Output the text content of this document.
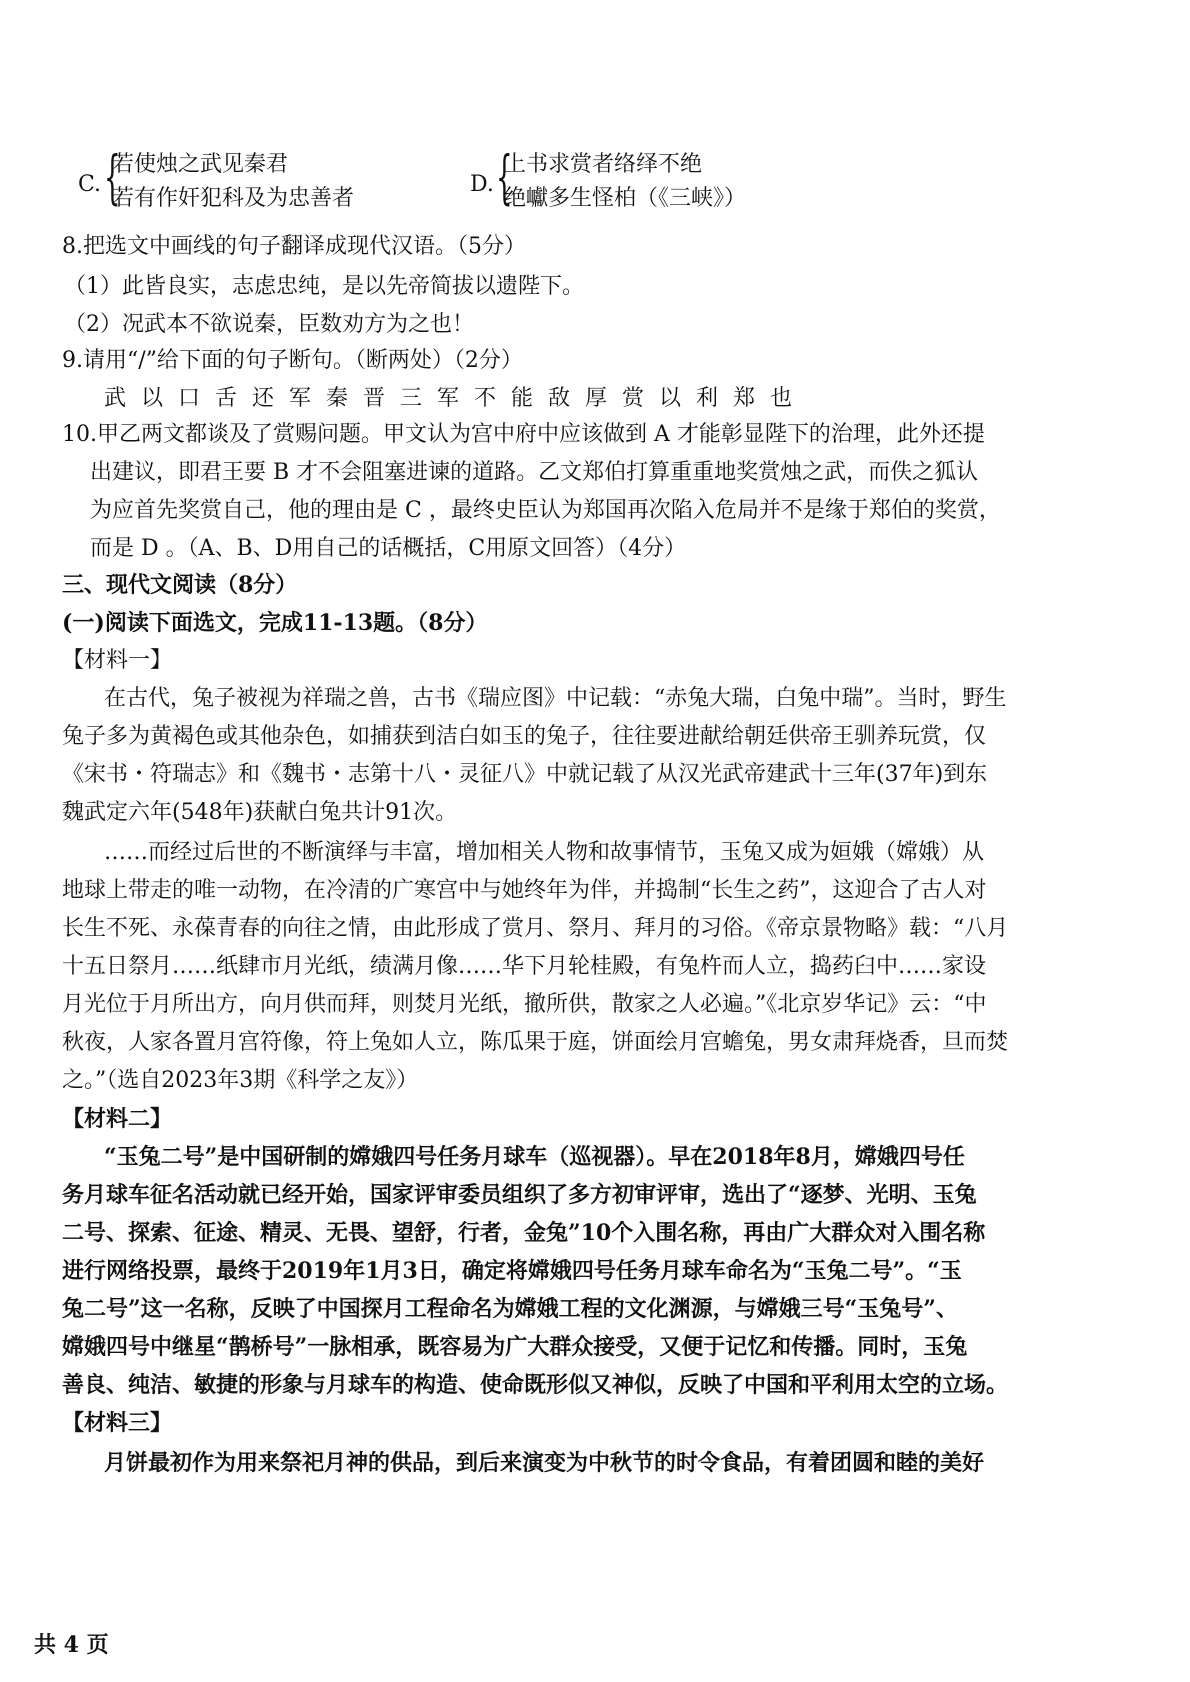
C. {
若使烛之武见秦君
若有作奸犯科及为忠善者
D. {
上书求赏者络绎不绝
绝巘多生怪柏（《三峡》）
8.把选文中画线的句子翻译成现代汉语。（5分）
（1）此皆良实，志虑忠纯，是以先帝简拔以遗陛下。
（2）况武本不欲说秦，臣数劝方为之也！
9.请用“/”给下面的句子断句。（断两处）（2分）
武以口舌还军秦晋三军不能敌厚赏以利郑也
10.甲乙两文都谈及了赏赐问题。甲文认为宫中府中应该做到 A 才能彰显陛下的治理，此外还提
出建议，即君王要 B 才不会阻塞进谏的道路。乙文郑伯打算重重地奖赏烛之武，而佚之狐认
为应首先奖赏自己，他的理由是 C ，最终史臣认为郑国再次陷入危局并不是缘于郑伯的奖赏，
而是 D 。（A、B、D用自己的话概括，C用原文回答）（4分）
三、现代文阅读（8分）
(一)阅读下面选文，完成11-13题。（8分）
【材料一】
在古代，兔子被视为祥瑞之兽，古书《瑞应图》中记载：“赤兔大瑞，白兔中瑞”。当时，野生
兔子多为黄褐色或其他杂色，如捕获到洁白如玉的兔子，往往要进献给朝廷供帝王驯养玩赏，仅
《宋书・符瑞志》和《魏书・志第十八・灵征八》中就记载了从汉光武帝建武十三年(37年)到东
魏武定六年(548年)获献白兔共计91次。
……而经过后世的不断演绎与丰富，增加相关人物和故事情节，玉兔又成为姮娥（嫦娥）从
地球上带走的唯一动物，在冷清的广寒宫中与她终年为伴，并捣制“长生之药”，这迎合了古人对
长生不死、永葆青春的向往之情，由此形成了赏月、祭月、拜月的习俗。《帝京景物略》载：“八月
十五日祭月……纸肆市月光纸，绩满月像……华下月轮桂殿，有兔杵而人立，捣药臼中……家设
月光位于月所出方，向月供而拜，则焚月光纸，撤所供，散家之人必遍。”《北京岁华记》云：“中
秋夜，人家各置月宫符像，符上兔如人立，陈瓜果于庭，饼面绘月宫蟾兔，男女肃拜烧香，旦而焚
之。”（选自2023年3期《科学之友》）
【材料二】
“玉兔二号”是中国研制的嫦娥四号任务月球车（巡视器）。早在2018年8月，嫦娥四号任
务月球车征名活动就已经开始，国家评审委员组织了多方初审评审，选出了“逐梦、光明、玉兔
二号、探索、征途、精灵、无畏、望舒，行者，金兔”10个入围名称，再由广大群众对入围名称
进行网络投票，最终于2019年1月3日，确定将嫦娥四号任务月球车命名为“玉兔二号”。“玉
兔二号”这一名称，反映了中国探月工程命名为嫦娥工程的文化渊源，与嫦娥三号“玉兔号”、
嫦娥四号中继星“鹊桥号”一脉相承，既容易为广大群众接受，又便于记忆和传播。同时，玉兔
善良、纯洁、敏捷的形象与月球车的构造、使命既形似又神似，反映了中国和平利用太空的立场。
【材料三】
月饼最初作为用来祭祀月神的供品，到后来演变为中秋节的时令食品，有着团圆和睦的美好
共 4 页
